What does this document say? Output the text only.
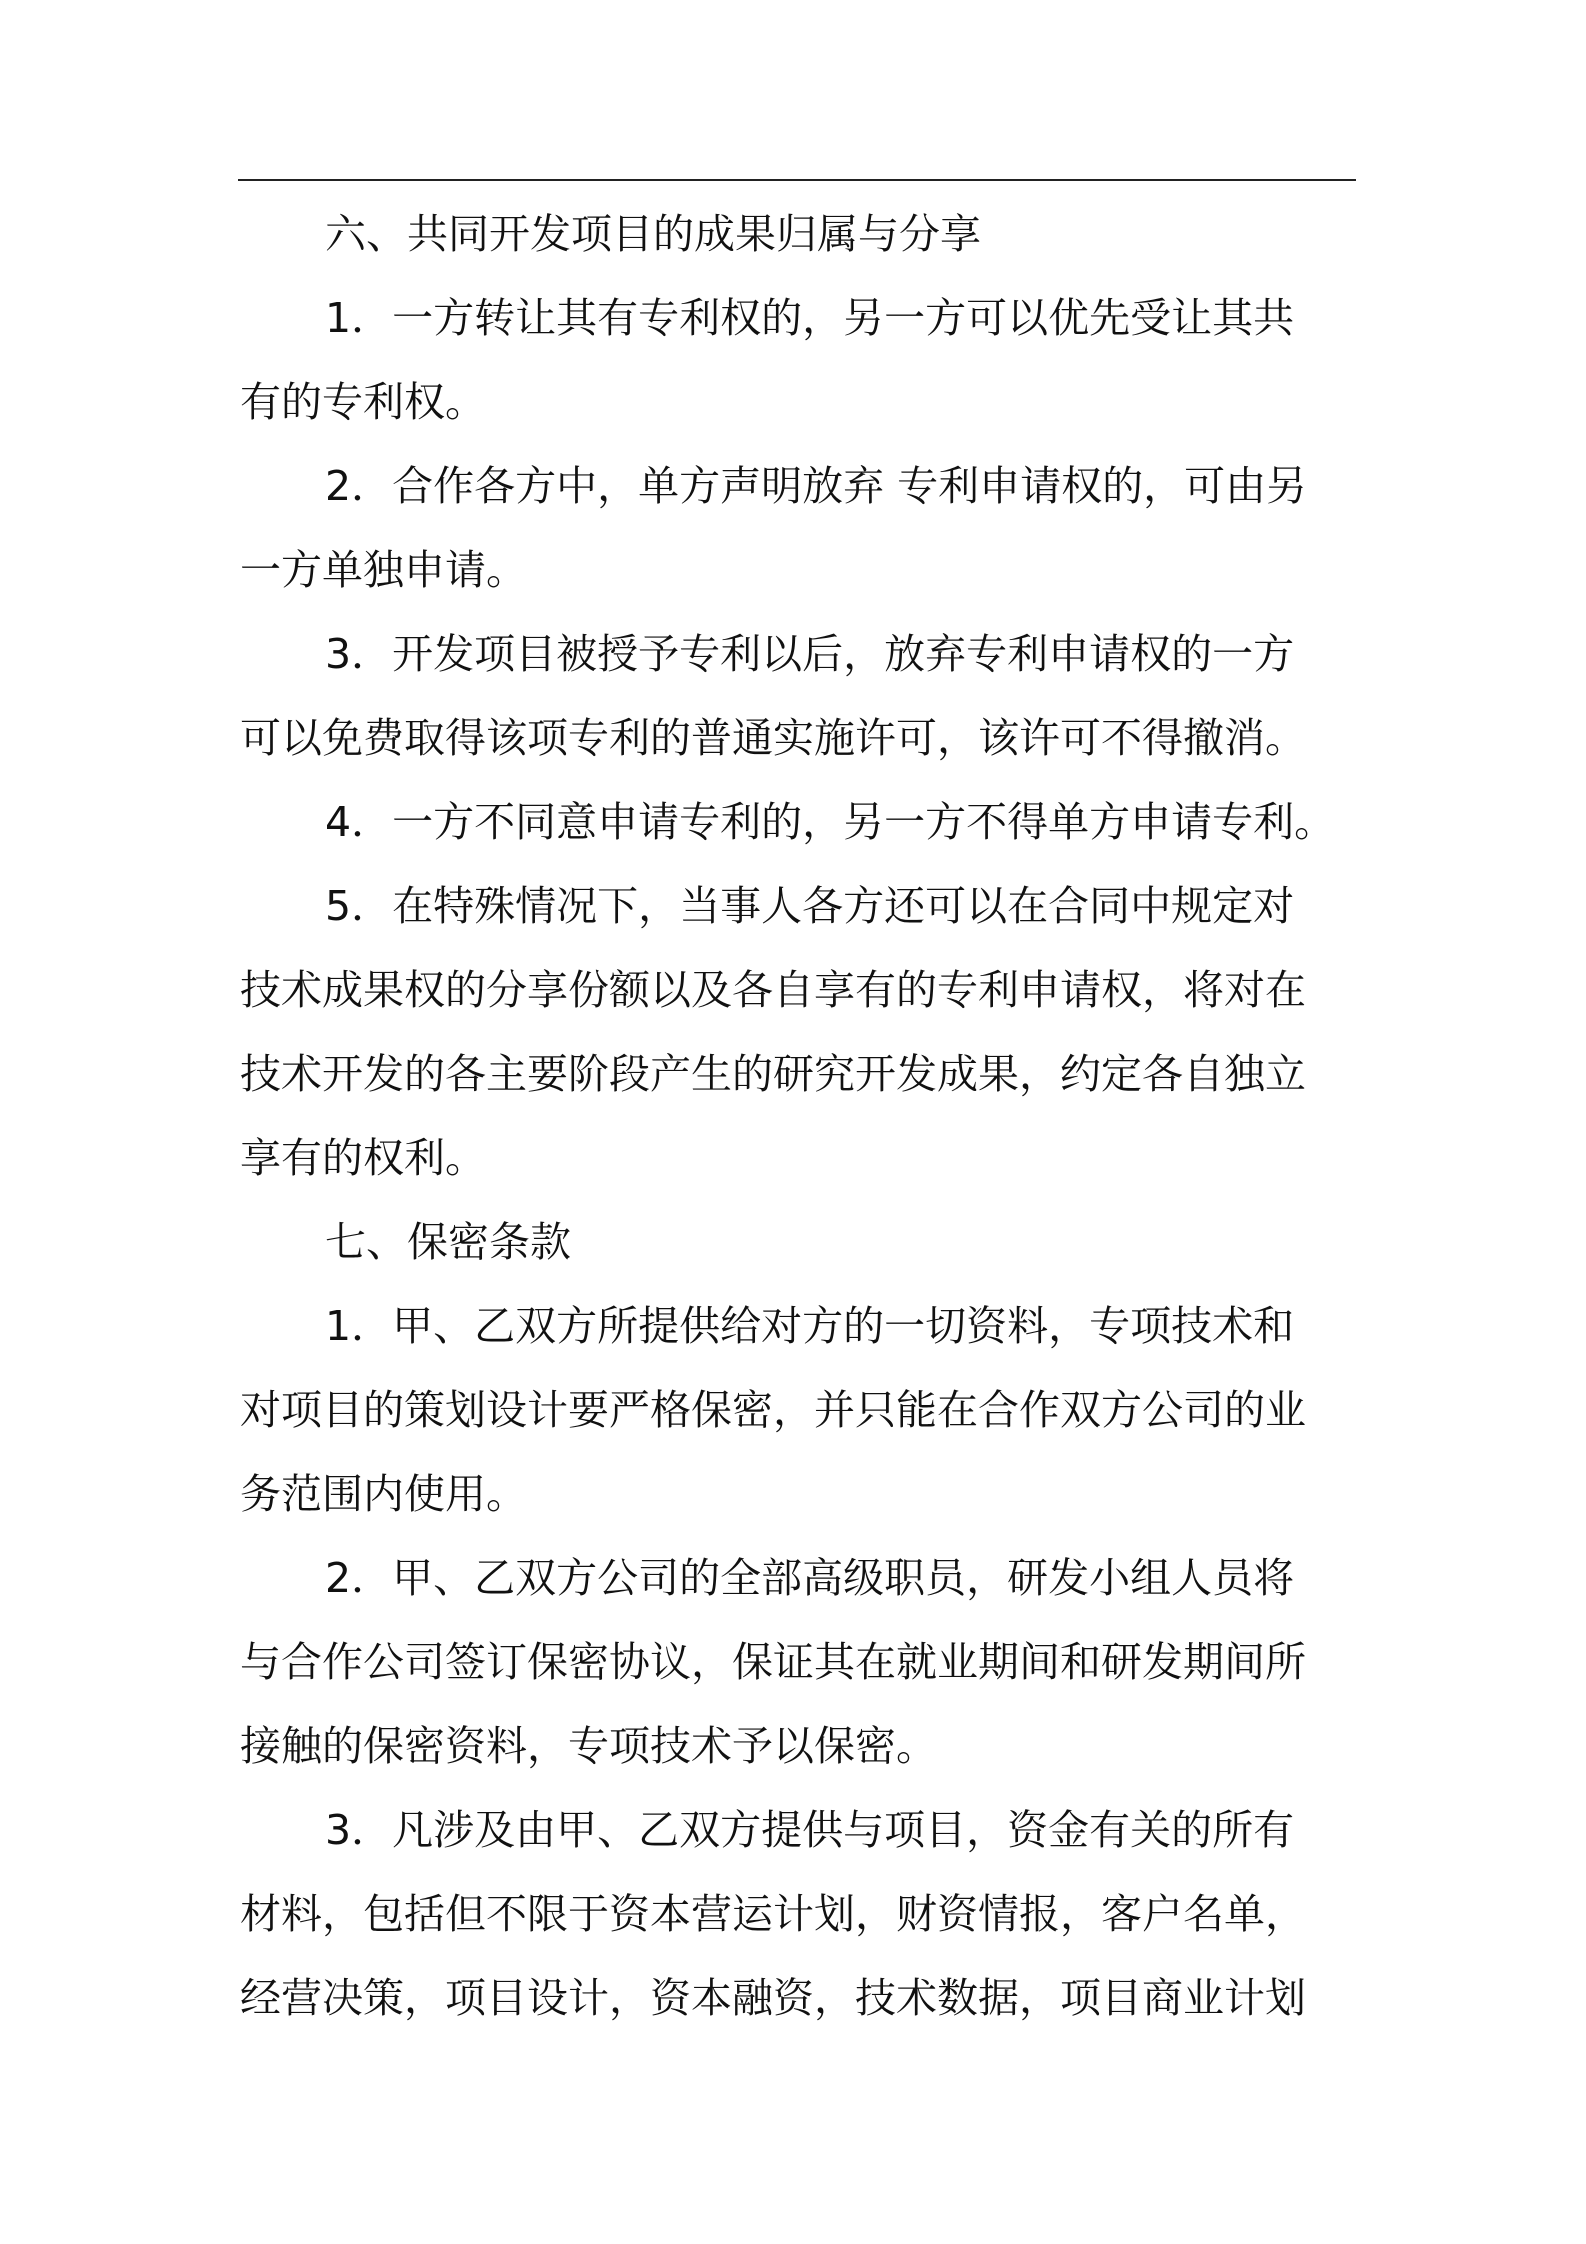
六、共同开发项目的成果归属与分享
1．一方转让其有专利权的，另一方可以优先受让其共
有的专利权。
2．合作各方中，单方声明放弃 专利申请权的，可由另
一方单独申请。
3．开发项目被授予专利以后，放弃专利申请权的一方
可以免费取得该项专利的普通实施许可，该许可不得撤消。
4．一方不同意申请专利的，另一方不得单方申请专利。
5．在特殊情况下，当事人各方还可以在合同中规定对
技术成果权的分享份额以及各自享有的专利申请权，将对在
技术开发的各主要阶段产生的研究开发成果，约定各自独立
享有的权利。
七、保密条款
1．甲、乙双方所提供给对方的一切资料，专项技术和
对项目的策划设计要严格保密，并只能在合作双方公司的业
务范围内使用。
2．甲、乙双方公司的全部高级职员，研发小组人员将
与合作公司签订保密协议，保证其在就业期间和研发期间所
接触的保密资料，专项技术予以保密。
3．凡涉及由甲、乙双方提供与项目，资金有关的所有
材料，包括但不限于资本营运计划，财资情报，客户名单，
经营决策，项目设计，资本融资，技术数据，项目商业计划
